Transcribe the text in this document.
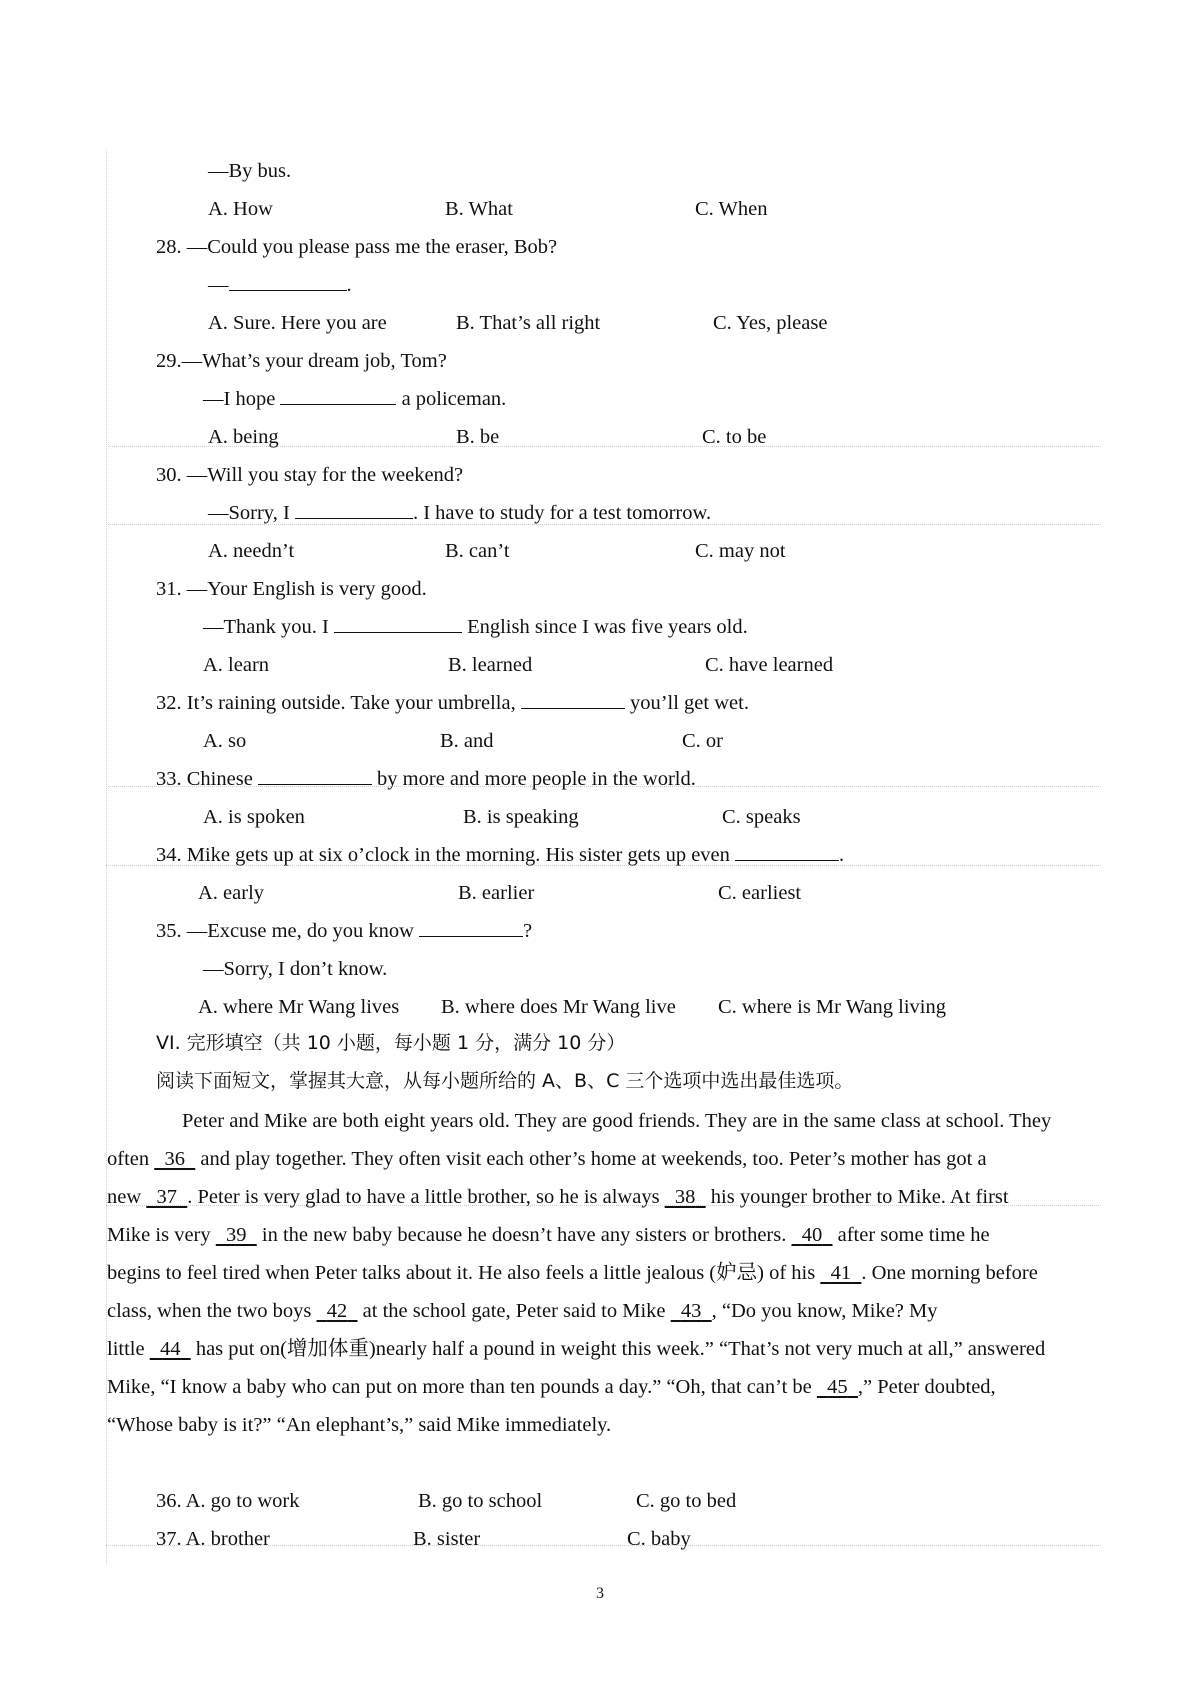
—By bus.
A. How	B. What	C. When
28. —Could you please pass me the eraser, Bob?
—	.
A. Sure. Here you are	B. That’s all right	C. Yes, please
29.—What’s your dream job, Tom?
—I hope	a policeman.
A. being	B. be	C. to be
30. —Will you stay for the weekend?
—Sorry, I	. I have to study for a test tomorrow.
A. needn’t	B. can’t	C. may not
31. —Your English is very good.
—Thank you. I	English since I was five years old.
A. learn	B. learned	C. have learned
32. It’s raining outside. Take your umbrella,	you’ll get wet.
A. so	B. and	C. or
33. Chinese	by more and more people in the world.
A. is spoken	B. is speaking	C. speaks
34. Mike gets up at six o’clock in the morning. His sister gets up even	.
A. early	B. earlier	C. earliest
35. —Excuse me, do you know	?
—Sorry, I don’t know.
A. where Mr Wang lives B. where does Mr Wang live C. where is Mr Wang living
VI. 完形填空（共 10 小题，每小题 1 分，满分 10 分）
阅读下面短文，掌握其大意，从每小题所给的 A、B、C 三个选项中选出最佳选项。
Peter and Mike are both eight years old. They are good friends. They are in the same class at school. They
often   36   and play together. They often visit each other’s home at weekends, too. Peter’s mother has got a
new   37 . Peter is very glad to have a little brother, so he is always   38   his younger brother to Mike. At first
Mike is very   39   in the new baby because he doesn’t have any sisters or brothers.   40   after some time he
begins to feel tired when Peter talks about it. He also feels a little jealous (妒忌) of his   41 . One morning before
class, when the two boys   42   at the school gate, Peter said to Mike   43 , “Do you know, Mike? My
little   44   has put on(增加体重)nearly half a pound in weight this week.” “That’s not very much at all,” answered
Mike, “I know a baby who can put on more than ten pounds a day.” “Oh, that can’t be   45 ,” Peter doubted,
“Whose baby is it?” “An elephant’s,” said Mike immediately.
36. A. go to work	B. go to school	C. go to bed
37. A. brother	B. sister	C. baby
3
